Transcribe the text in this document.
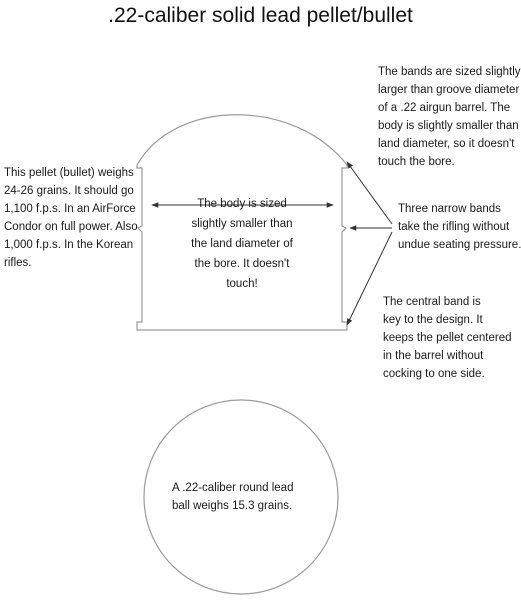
.22-caliber solid lead pellet/bullet
This pellet (bullet) weighs
24-26 grains. It should go
1,100 f.p.s. In an AirForce
Condor on full power. Also
1,000 f.p.s. In the Korean
rifles.
The body is sized
slightly smaller than
the land diameter of
the bore. It doesn't
touch!
The bands are sized slightly
larger than groove diameter
of a .22 airgun barrel. The
body is slightly smaller than
land diameter, so it doesn't
touch the bore.
Three narrow bands
take the rifling without
undue seating pressure.
The central band is
key to the design. It
keeps the pellet centered
in the barrel without
cocking to one side.
A .22-caliber round lead
ball weighs 15.3 grains.
